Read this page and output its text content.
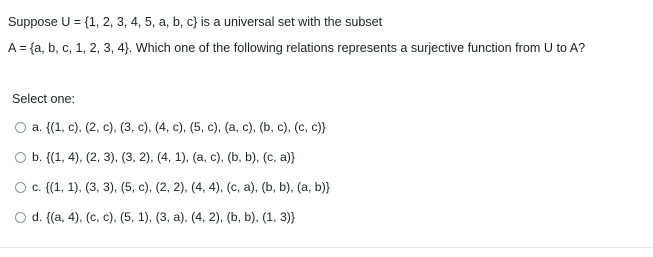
Suppose U = {1, 2, 3, 4, 5, a, b, c} is a universal set with the subset

A = {a, b, c, 1, 2, 3, 4}. Which one of the following relations represents a surjective function from U to A?

Select one:
a. {(1, c), (2, c), (3, c), (4, c), (5, c), (a, c), (b, c), (c, c)}
b. {(1, 4), (2, 3), (3, 2), (4, 1), (a, c), (b, b), (c, a)}
c. {(1, 1), (3, 3), (5, c), (2, 2), (4, 4), (c, a), (b, b), (a, b)}
d. {(a, 4), (c, c), (5, 1), (3, a), (4, 2), (b, b), (1, 3)}
